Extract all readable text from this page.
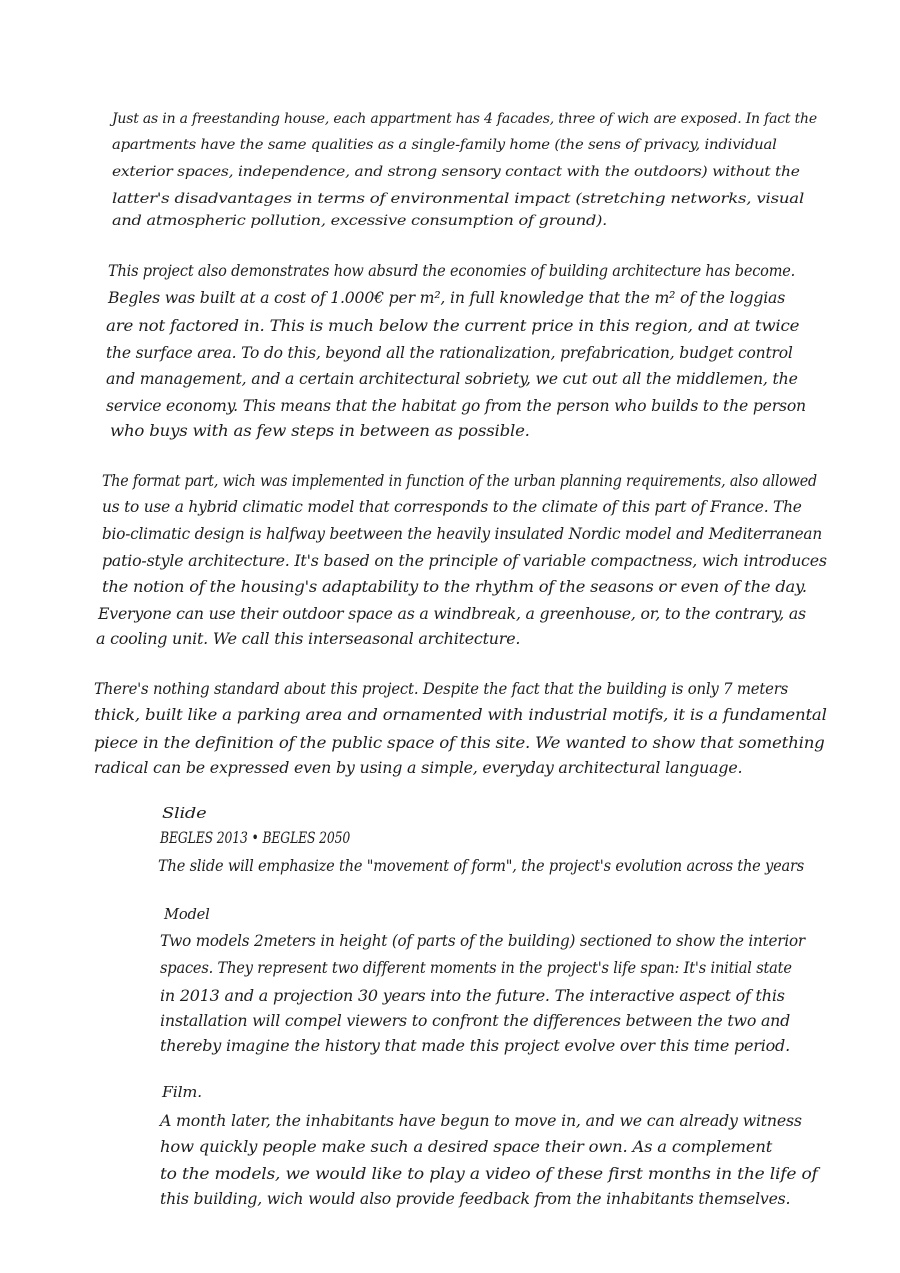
Just as in a freestanding house, each appartment has 4 facades, three of wich are exposed. In fact the
apartments have the same qualities as a single-family home (the sens of privacy, individual
exterior spaces, independence, and strong sensory contact with the outdoors) without the
latter's disadvantages in terms of environmental impact (stretching networks, visual
and atmospheric pollution, excessive consumption of ground).
This project also demonstrates how absurd the economies of building architecture has become.
Begles was built at a cost of 1.000€ per m², in full knowledge that the m² of the loggias
are not factored in. This is much below the current price in this region, and at twice
the surface area. To do this, beyond all the rationalization, prefabrication, budget control
and management, and a certain architectural sobriety, we cut out all the middlemen, the
service economy. This means that the habitat go from the person who builds to the person
who buys with as few steps in between as possible.
The format part, wich was implemented in function of the urban planning requirements, also allowed
us to use a hybrid climatic model that corresponds to the climate of this part of France. The
bio-climatic design is halfway beetween the heavily insulated Nordic model and Mediterranean
patio-style architecture. It's based on the principle of variable compactness, wich introduces
the notion of the housing's adaptability to the rhythm of the seasons or even of the day.
Everyone can use their outdoor space as a windbreak, a greenhouse, or, to the contrary, as
a cooling unit. We call this interseasonal architecture.
There's nothing standard about this project. Despite the fact that the building is only 7 meters
thick, built like a parking area and ornamented with industrial motifs, it is a fundamental
piece in the definition of the public space of this site. We wanted to show that something
radical can be expressed even by using a simple, everyday architectural language.
Slide
BEGLES 2013 • BEGLES 2050
The slide will emphasize the "movement of form", the project's evolution across the years
Model
Two models 2meters in height (of parts of the building) sectioned to show the interior
spaces. They represent two different moments in the project's life span: It's initial state
in 2013 and a projection 30 years into the future. The interactive aspect of this
installation will compel viewers to confront the differences between the two and
thereby imagine the history that made this project evolve over this time period.
Film.
A month later, the inhabitants have begun to move in, and we can already witness
how quickly people make such a desired space their own. As a complement
to the models, we would like to play a video of these first months in the life of
this building, wich would also provide feedback from the inhabitants themselves.
